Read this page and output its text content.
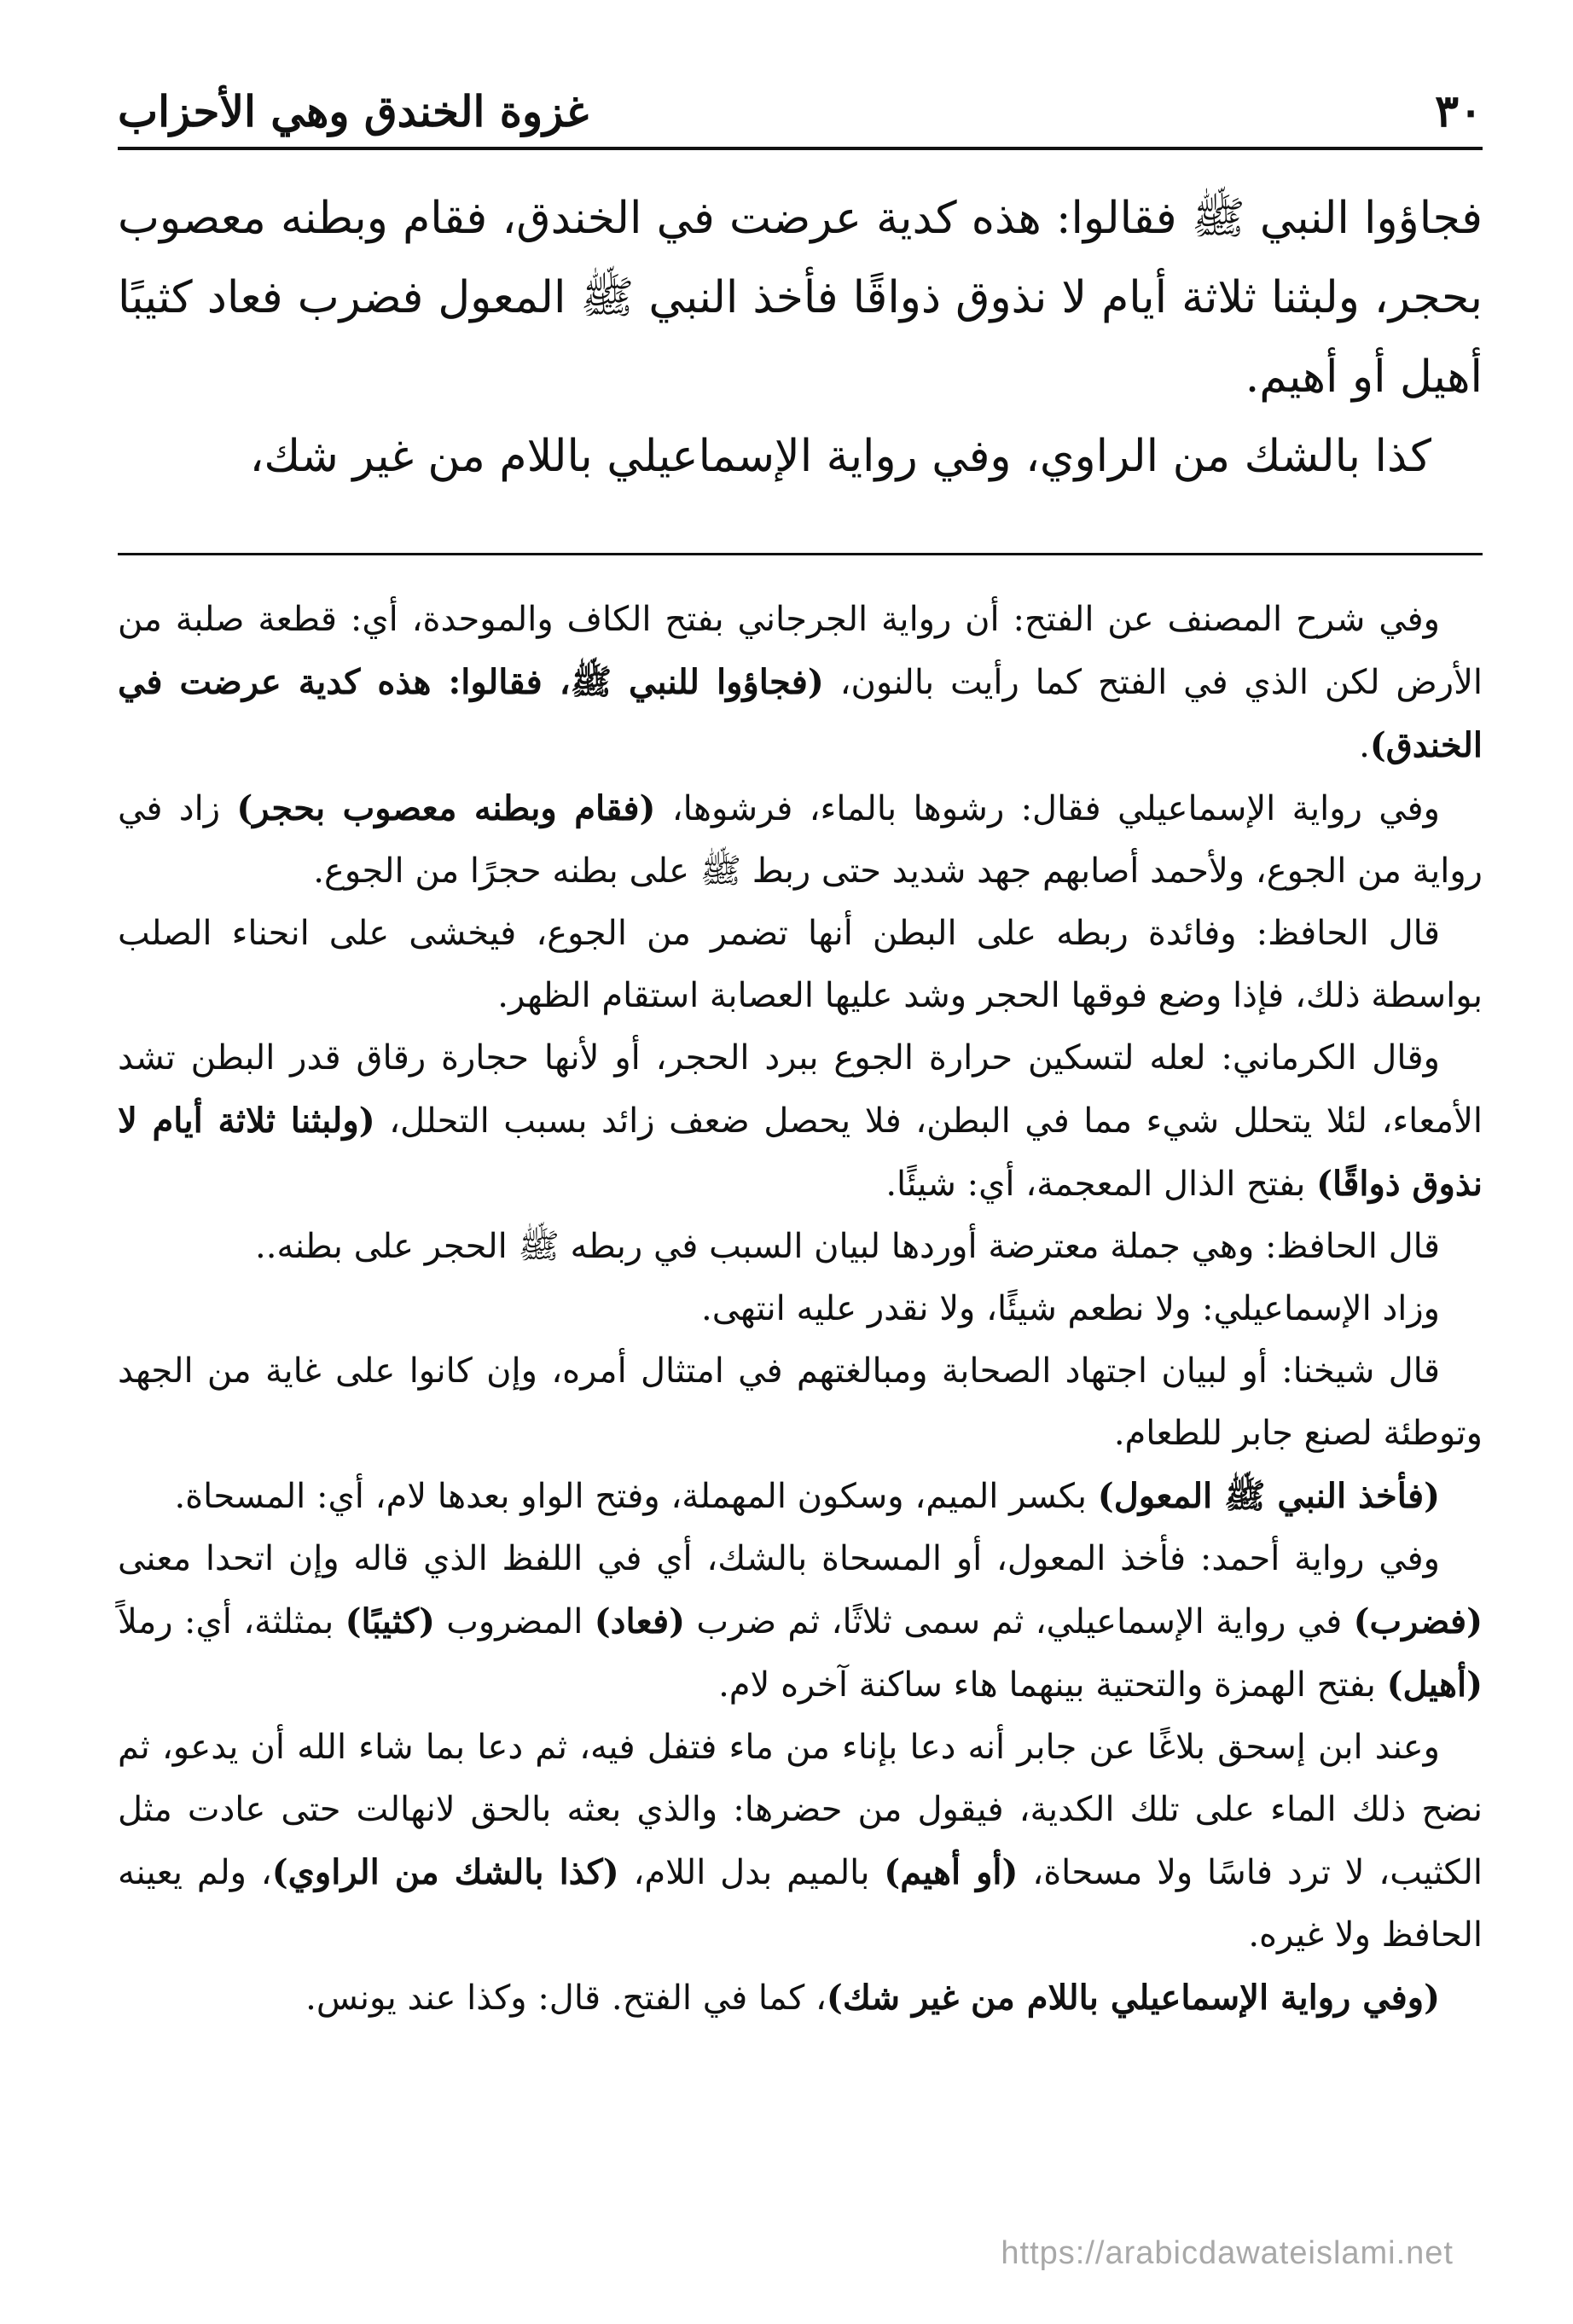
٣٠
غزوة الخندق وهي الأحزاب

فجاؤوا النبي ﷺ فقالوا: هذه كدية عرضت في الخندق، فقام وبطنه معصوب بحجر، ولبثنا ثلاثة أيام لا نذوق ذواقًا فأخذ النبي ﷺ المعول فضرب فعاد كثيبًا أهيل أو أهيم.

كذا بالشك من الراوي، وفي رواية الإسماعيلي باللام من غير شك،

وفي شرح المصنف عن الفتح: أن رواية الجرجاني بفتح الكاف والموحدة، أي: قطعة صلبة من الأرض لكن الذي في الفتح كما رأيت بالنون، (فجاؤوا للنبي ﷺ، فقالوا: هذه كدية عرضت في الخندق).

وفي رواية الإسماعيلي فقال: رشوها بالماء، فرشوها، (فقام وبطنه معصوب بحجر) زاد في رواية من الجوع، ولأحمد أصابهم جهد شديد حتى ربط ﷺ على بطنه حجرًا من الجوع.

قال الحافظ: وفائدة ربطه على البطن أنها تضمر من الجوع، فيخشى على انحناء الصلب بواسطة ذلك، فإذا وضع فوقها الحجر وشد عليها العصابة استقام الظهر.

وقال الكرماني: لعله لتسكين حرارة الجوع ببرد الحجر، أو لأنها حجارة رقاق قدر البطن تشد الأمعاء، لئلا يتحلل شيء مما في البطن، فلا يحصل ضعف زائد بسبب التحلل، (ولبثنا ثلاثة أيام لا نذوق ذواقًا) بفتح الذال المعجمة، أي: شيئًا.

قال الحافظ: وهي جملة معترضة أوردها لبيان السبب في ربطه ﷺ الحجر على بطنه..

وزاد الإسماعيلي: ولا نطعم شيئًا، ولا نقدر عليه انتهى.

قال شيخنا: أو لبيان اجتهاد الصحابة ومبالغتهم في امتثال أمره، وإن كانوا على غاية من الجهد وتوطئة لصنع جابر للطعام.

(فأخذ النبي ﷺ المعول) بكسر الميم، وسكون المهملة، وفتح الواو بعدها لام، أي: المسحاة.

وفي رواية أحمد: فأخذ المعول، أو المسحاة بالشك، أي في اللفظ الذي قاله وإن اتحدا معنى (فضرب) في رواية الإسماعيلي، ثم سمى ثلاثًا، ثم ضرب (فعاد) المضروب (كثيبًا) بمثلثة، أي: رملاً (أهيل) بفتح الهمزة والتحتية بينهما هاء ساكنة آخره لام.

وعند ابن إسحق بلاغًا عن جابر أنه دعا بإناء من ماء فتفل فيه، ثم دعا بما شاء الله أن يدعو، ثم نضح ذلك الماء على تلك الكدية، فيقول من حضرها: والذي بعثه بالحق لانهالت حتى عادت مثل الكثيب، لا ترد فاسًا ولا مسحاة، (أو أهيم) بالميم بدل اللام، (كذا بالشك من الراوي)، ولم يعينه الحافظ ولا غيره.

(وفي رواية الإسماعيلي باللام من غير شك)، كما في الفتح. قال: وكذا عند يونس.

https://arabicdawateislami.net
